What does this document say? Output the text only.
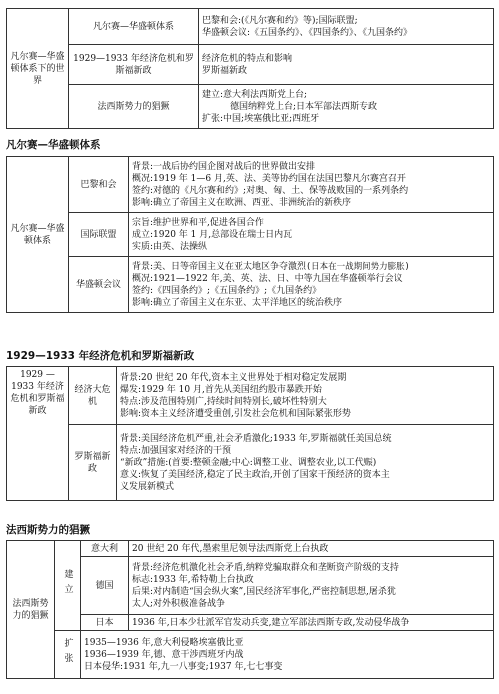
凡尔赛—华盛顿体系下的世界	凡尔赛—华盛顿体系	巴黎和会:(《凡尔赛和约》等);国际联盟;
华盛顿会议:《五国条约》、《四国条约》、《九国条约》

	1929—1933 年经济危机和罗斯福新政	经济危机的特点和影响
罗斯福新政

	法西斯势力的猖獗	建立:意大利法西斯党上台;
德国纳粹党上台;日本军部法西斯专政
扩张:中国;埃塞俄比亚;西班牙
凡尔赛—华盛顿体系
凡尔赛—华盛顿体系	巴黎和会	背景:一战后协约国企图对战后的世界做出安排
概况:1919 年 1—6 月,英、法、美等协约国在法国巴黎凡尔赛宫召开
签约:对德的《凡尔赛和约》;对奥、匈、土、保等战败国的一系列条约
影响:确立了帝国主义在欧洲、西亚、非洲统治的新秩序

	国际联盟	宗旨:维护世界和平,促进各国合作
成立:1920 年 1 月,总部设在瑞士日内瓦
实质:由英、法操纵

	华盛顿会议	背景:美、日等帝国主义在亚太地区争夺激烈(日本在一战期间势力膨胀)
概况:1921—1922 年,美、英、法、日、中等九国在华盛顿举行会议
签约:《四国条约》;《五国条约》;《九国条约》
影响:确立了帝国主义在东亚、太平洋地区的统治秩序
1929—1933 年经济危机和罗斯福新政
1929 — 1933 年经济危机和罗斯福新政	经济大危机	背景:20 世纪 20 年代,资本主义世界处于相对稳定发展期
爆发:1929 年 10 月,首先从美国纽约股市暴跌开始
特点:涉及范围特别广,持续时间特别长,破坏性特别大
影响:资本主义经济遭受重创,引发社会危机和国际紧张形势

	罗斯福新政	背景:美国经济危机严重,社会矛盾激化;1933 年,罗斯福就任美国总统
特点:加强国家对经济的干预
“新政”措施:(首要:整顿金融;中心:调整工业、调整农业,以工代赈)
意义:恢复了美国经济,稳定了民主政治,开创了国家干预经济的资本主
义发展新模式
法西斯势力的猖獗
法西斯势力的猖獗	建立	意大利	20 世纪 20 年代,墨索里尼领导法西斯党上台执政

		德国	背景:经济危机激化社会矛盾,纳粹党骗取群众和垄断资产阶级的支持
标志:1933 年,希特勒上台执政
后果:对内制造“国会纵火案”,国民经济军事化,严密控制思想,屠杀犹
太人;对外积极准备战争

		日本	1936 年,日本少壮派军官发动兵变,建立军部法西斯专政,发动侵华战争

	扩张	1935—1936 年,意大利侵略埃塞俄比亚
1936—1939 年,德、意干涉西班牙内战
日本侵华:1931 年,九一八事变;1937 年,七七事变	
